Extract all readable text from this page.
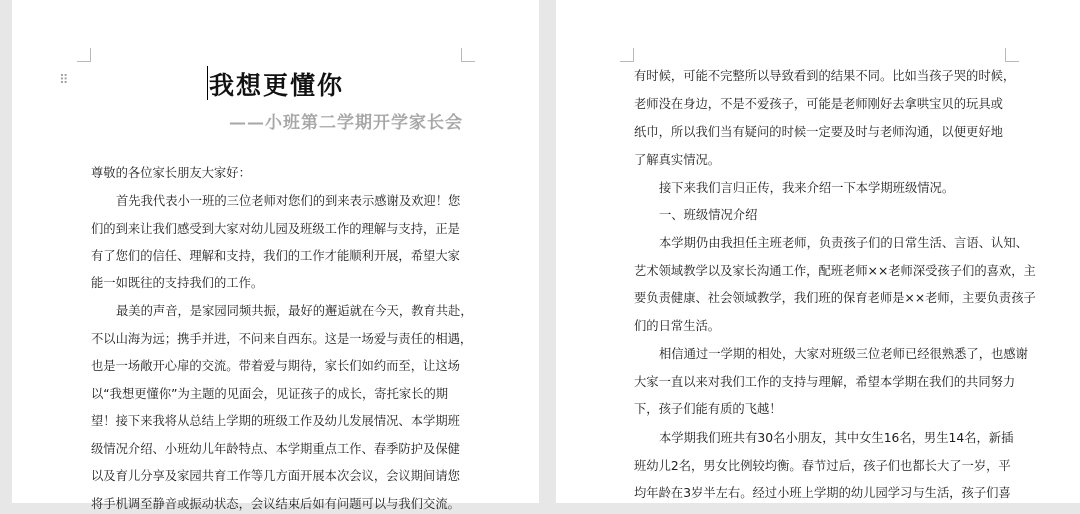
⠿	我想更懂你
——小班第二学期开学家长会
尊敬的各位家长朋友大家好：
首先我代表小一班的三位老师对您们的到来表示感谢及欢迎！您
们的到来让我们感受到大家对幼儿园及班级工作的理解与支持，正是
有了您们的信任、理解和支持，我们的工作才能顺利开展，希望大家
能一如既往的支持我们的工作。
最美的声音，是家园同频共振，最好的邂逅就在今天，教育共赴，
不以山海为远；携手并进，不问来自西东。这是一场爱与责任的相遇，
也是一场敞开心扉的交流。带着爱与期待，家长们如约而至，让这场
以“我想更懂你”为主题的见面会，见证孩子的成长，寄托家长的期
望！接下来我将从总结上学期的班级工作及幼儿发展情况、本学期班
级情况介绍、小班幼儿年龄特点、本学期重点工作、春季防护及保健
以及育儿分享及家园共育工作等几方面开展本次会议，会议期间请您
将手机调至静音或振动状态，会议结束后如有问题可以与我们交流。
有时候，可能不完整所以导致看到的结果不同。比如当孩子哭的时候，
老师没在身边，不是不爱孩子，可能是老师刚好去拿哄宝贝的玩具或
纸巾，所以我们当有疑问的时候一定要及时与老师沟通，以便更好地
了解真实情况。
接下来我们言归正传，我来介绍一下本学期班级情况。
一、班级情况介绍
本学期仍由我担任主班老师，负责孩子们的日常生活、言语、认知、
艺术领域教学以及家长沟通工作，配班老师××老师深受孩子们的喜欢，主
要负责健康、社会领域教学，我们班的保育老师是××老师，主要负责孩子
们的日常生活。
相信通过一学期的相处，大家对班级三位老师已经很熟悉了，也感谢
大家一直以来对我们工作的支持与理解，希望本学期在我们的共同努力
下，孩子们能有质的飞越！
本学期我们班共有30名小朋友，其中女生16名，男生14名，新插
班幼儿2名，男女比例较均衡。春节过后，孩子们也都长大了一岁，平
均年龄在3岁半左右。经过小班上学期的幼儿园学习与生活，孩子们喜
